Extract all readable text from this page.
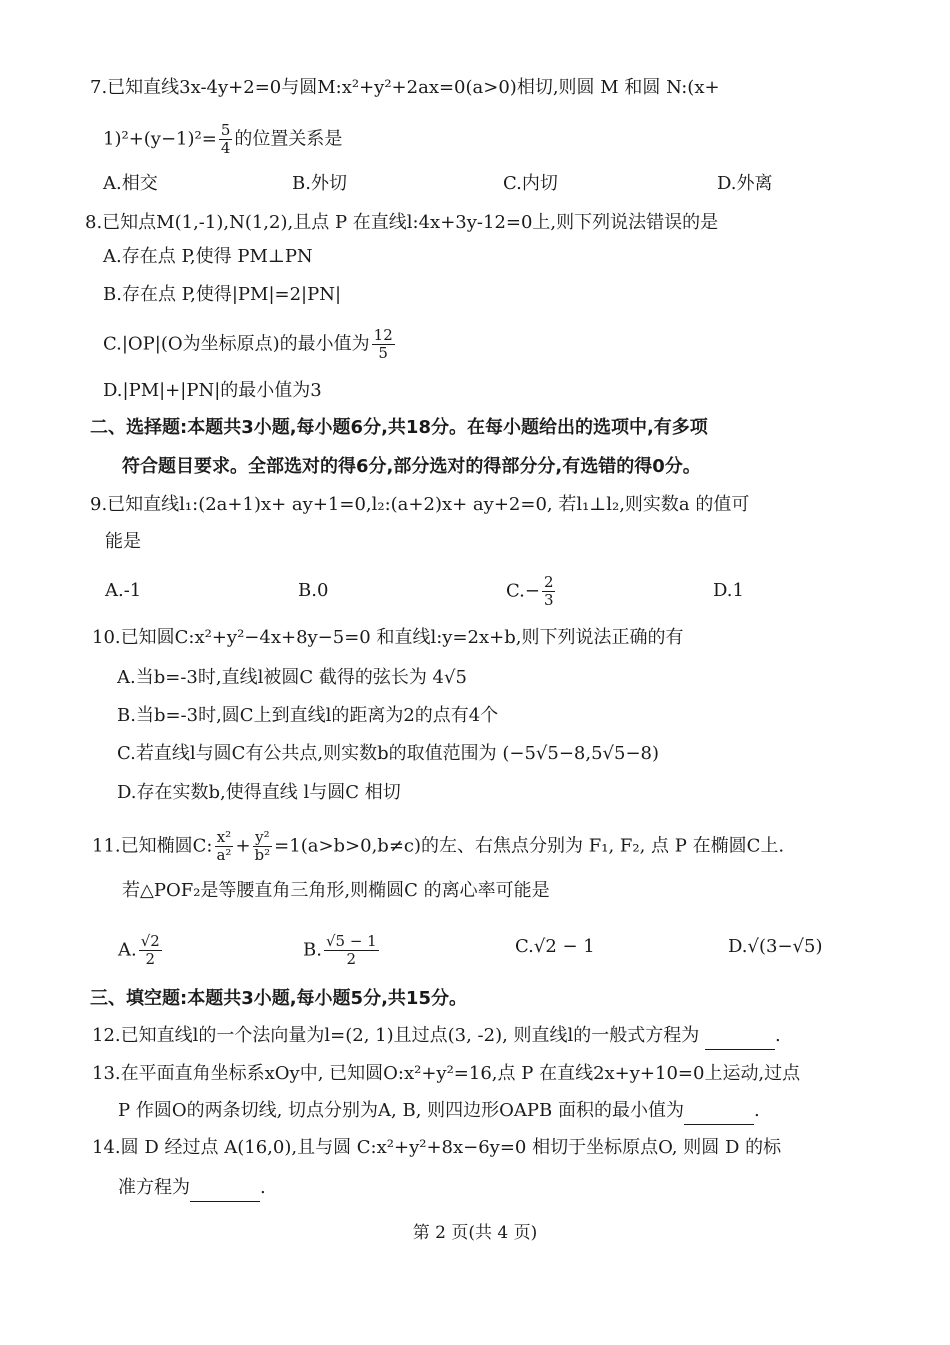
7.已知直线3x-4y+2=0与圆M:x²+y²+2ax=0(a>0)相切,则圆 M 和圆 N:(x+
$1)^2+(y-1)^2= \frac{5}{4}$ 的位置关系是
A.相交	B.外切	C.内切	D.外离
8.已知点M(1,-1),N(1,2),且点 P 在直线l:4x+3y-12=0上,则下列说法错误的是
A.存在点 P,使得 PM⊥PN
B.存在点 P,使得|PM|=2|PN|
C.|OP|(O为坐标原点)的最小值为 $\frac{12}{5}$
D.|PM|+|PN|的最小值为3
二、选择题:本题共3小题,每小题6分,共18分。在每小题给出的选项中,有多项
符合题目要求。全部选对的得6分,部分选对的得部分分,有选错的得0分。
9.已知直线l₁:(2a+1)x+ ay+1=0,l₂:(a+2)x+ ay+2=0, 若l₁⊥l₂,则实数a 的值可
能是
A.-1	B.0	$C.- \frac{2}{3}$	D.1
10.已知圆C:x²+y²−4x+8y−5=0 和直线l:y=2x+b,则下列说法正确的有
A.当b=-3时,直线l被圆C 截得的弦长为 4√5
B.当b=-3时,圆C上到直线l的距离为2的点有4个
C.若直线l与圆C有公共点,则实数b的取值范围为 (−5√5−8,5√5−8)
D.存在实数b,使得直线 l与圆C 相切
11.已知椭圆C: $\frac{\text{x²}}{\text{a²}} + \frac{\text{y²}}{\text{b²}} =1(a>b>0,b\ne c)$的左、右焦点分别为 F₁, F₂, 点 P 在椭圆C上.
若△POF₂是等腰直角三角形,则椭圆C 的离心率可能是
A. $\frac{√2}{2}$	B. $\frac{√5 - 1}{2}$	C.√2 − 1	D.√(3−√5)
三、填空题:本题共3小题,每小题5分,共15分。
12.已知直线l的一个法向量为l=(2, 1)且过点(3, -2), 则直线l的一般式方程为	.
13.在平面直角坐标系xOy中, 已知圆O:x²+y²=16,点 P 在直线2x+y+10=0上运动,过点
P 作圆O的两条切线, 切点分别为A, B, 则四边形OAPB 面积的最小值为	.
14.圆 D 经过点 A(16,0),且与圆 C:x²+y²+8x−6y=0 相切于坐标原点O, 则圆 D 的标
准方程为	.
第 2 页(共 4 页)
